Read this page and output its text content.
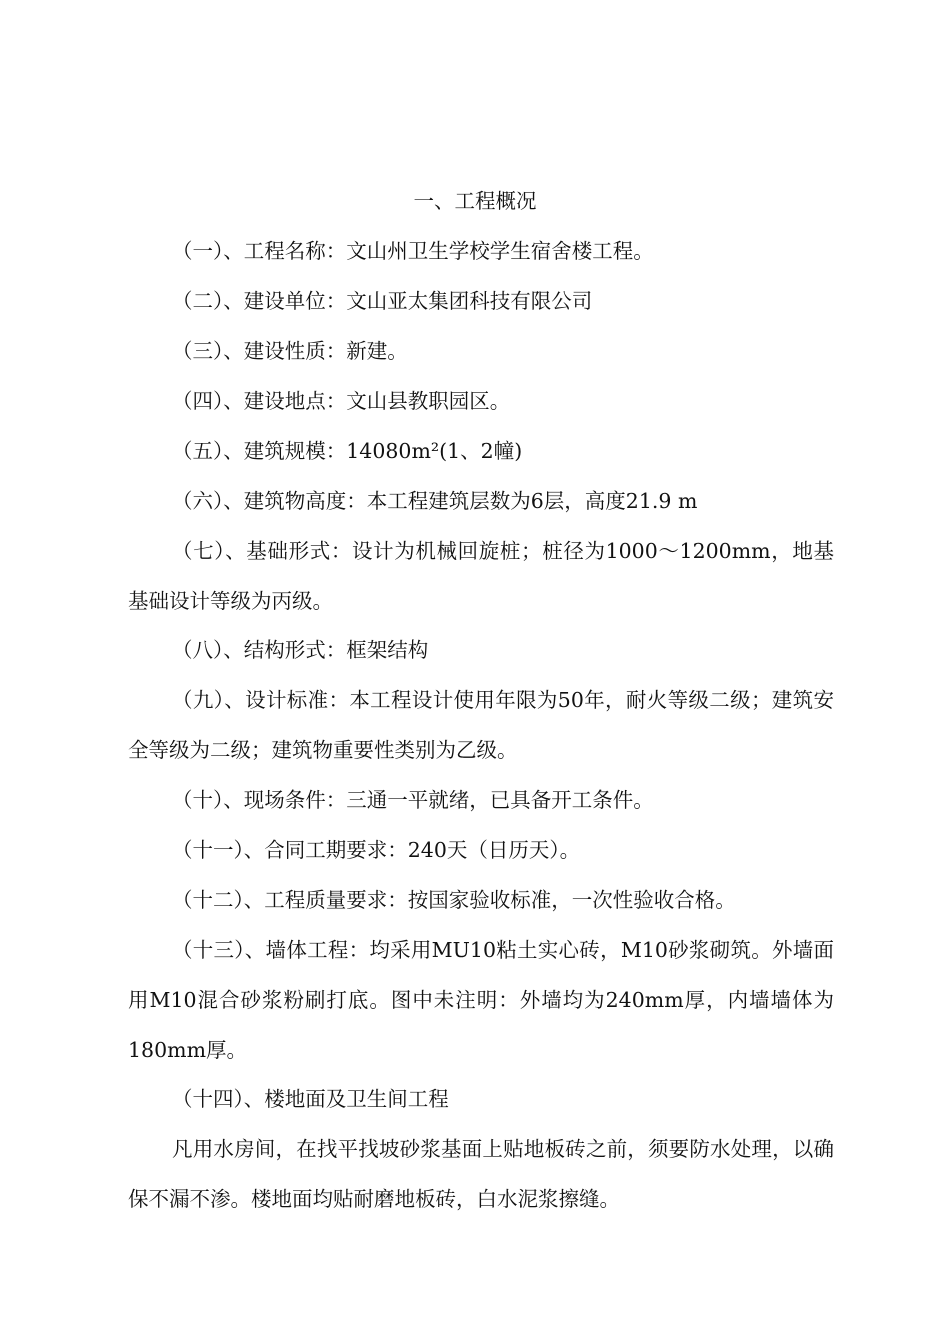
一、工程概况
（一）、工程名称：文山州卫生学校学生宿舍楼工程。
（二）、建设单位：文山亚太集团科技有限公司
（三）、建设性质：新建。
（四）、建设地点：文山县教职园区。
（五）、建筑规模：14080m²(1、2幢)
（六）、建筑物高度：本工程建筑层数为6层，高度21.9 m
（七）、基础形式：设计为机械回旋桩；桩径为1000～1200mm，地基基础设计等级为丙级。
（八）、结构形式：框架结构
（九）、设计标准：本工程设计使用年限为50年，耐火等级二级；建筑安全等级为二级；建筑物重要性类别为乙级。
（十）、现场条件：三通一平就绪，已具备开工条件。
（十一）、合同工期要求：240天（日历天）。
（十二）、工程质量要求：按国家验收标准，一次性验收合格。
（十三）、墙体工程：均采用MU10粘土实心砖，M10砂浆砌筑。外墙面用M10混合砂浆粉刷打底。图中未注明：外墙均为240mm厚，内墙墙体为180mm厚。
（十四）、楼地面及卫生间工程
凡用水房间，在找平找坡砂浆基面上贴地板砖之前，须要防水处理，以确保不漏不渗。楼地面均贴耐磨地板砖，白水泥浆擦缝。
